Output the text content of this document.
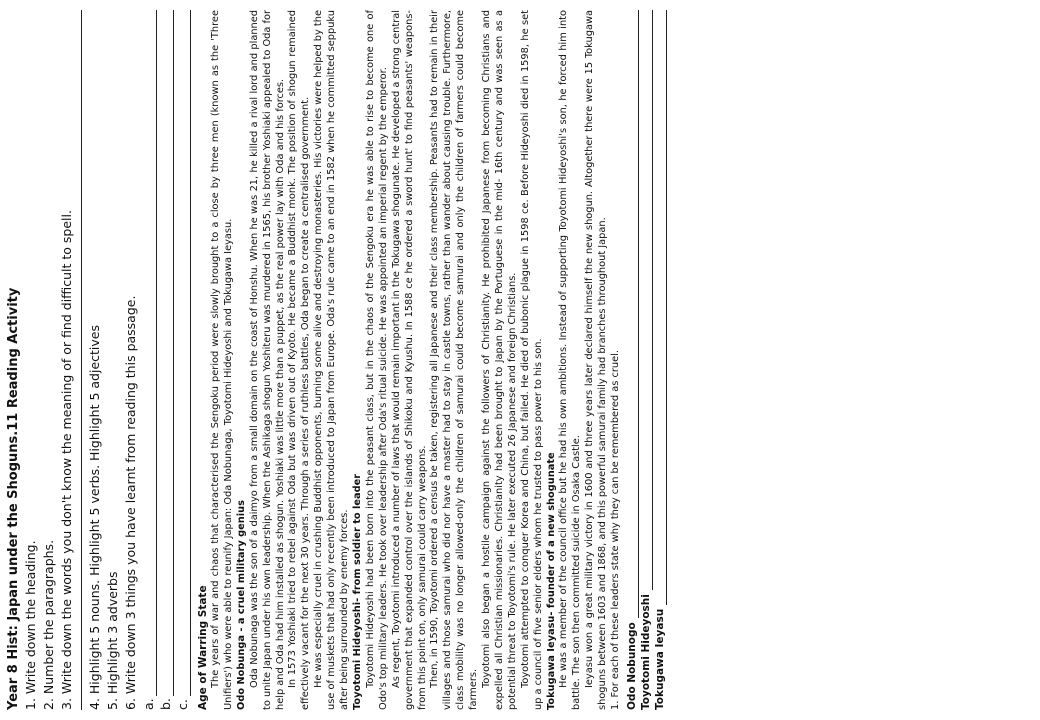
Year 8 Hist: Japan under the Shoguns.11 Reading Activity 1. Write down the heading. 2. Number the paragraphs. 3. Write down the words you don't know the meaning of or find difficult to spell. 4. Highlight 5 nouns. Highlight 5 verbs. Highlight 5 adjectives 5. Highlight 3 adverbs 6. Write down 3 things you have learnt from reading this passage. a. b. c. Age of Warring State The years of war and chaos that characterised the Sengoku period were slowly brought to a close by three men (known as the 'Three Unifiers') who were able to reunify Japan: Oda Nobunaga, Toyotomi Hideyoshi and Tokugawa Ieyasu. Odo Nobunga - a cruel military genius Oda Nobunaga was the son of a daimyo from a small domain on the coast of Honshu. When he was 21, he killed a rival lord and planned to unite Japan under his own leadership. When the Ashikaga shogun Yoshiteru was murdered in 1565, his brother Yoshiaki appealed to Oda for help and Oda had him installed as shogun. Yoshiaki was little more than a puppet, as the real power lay with Oda and his forces. In 1573 Yoshiaki tried to rebel against Oda but was driven out of Kyoto. He became a Buddhist monk. The position of shogun remained effectively vacant for the next 30 years. Through a series of ruthless battles, Oda began to create a centralised government. He was especially cruel in crushing Buddhist opponents, burning some alive and destroying monasteries. His victories were helped by the use of muskets that had only recently been introduced to Japan from Europe. Oda's rule came to an end in 1582 when he committed seppuku after being surrounded by enemy forces. Toyotomi Hideyoshi- from soldier to leader Toyotomi Hideyoshi had been born into the peasant class, but in the chaos of the Sengoku era he was able to rise to become one of Odo's top military leaders. He took over leadership after Oda's ritual suicide. He was appointed an imperial regent by the emperor. As regent, Toyotomi introduced a number of laws that would remain important in the Tokugawa shogunate. He developed a strong central government that expanded control over the islands of Shikoku and Kyushu. In 1588 ce he ordered a sword hunt' to find peasants' weapons- from this point on, only samurai could carry weapons. Then, in 1590, Toyotomi ordered a census be taken, registering all Japanese and their class membership. Peasants had to remain in their villages and those samurai who did nor have a master had to stay in castle towns, rather than wander about causing trouble. Furthermore, class mobility was no longer allowed-only the children of samurai could become samurai and only the children of farmers could become farmers.

Toyotomi also began a hostile campaign against the followers of Christianity. He prohibited Japanese from becoming Christians and expelled all Christian missionaries. Christianity had been brought to Japan by the Portuguese in the mid- 16th century and was seen as a potential threat to Toyotomi's rule. He later executed 26 Japanese and foreign Christians. Toyotomi attempted to conquer Korea and China, but failed. He died of bubonic plague in 1598 ce. Before Hideyoshi died in 1598, he set up a council of five senior elders whom he trusted to pass power to his son. Tokugawa Ieyasu- founder of a new shogunate He was a member of the council office but he had his own ambitions. Instead of supporting Toyotomi Hideyoshi's son, he forced him into battle. The son then committed suicide in Osaka Castle. Ieyasu won a great military victory in 1600 and three years later declared himself the new shogun. Altogether there were 15 Tokugawa shoguns between 1603 and 1868, and this powerful samurai family had branches throughout Japan. 1. For each of these leaders state why they can be remembered as cruel. Odo Nobunogo Toyotomi Hideyoshi Tokugawa Ieyasu
